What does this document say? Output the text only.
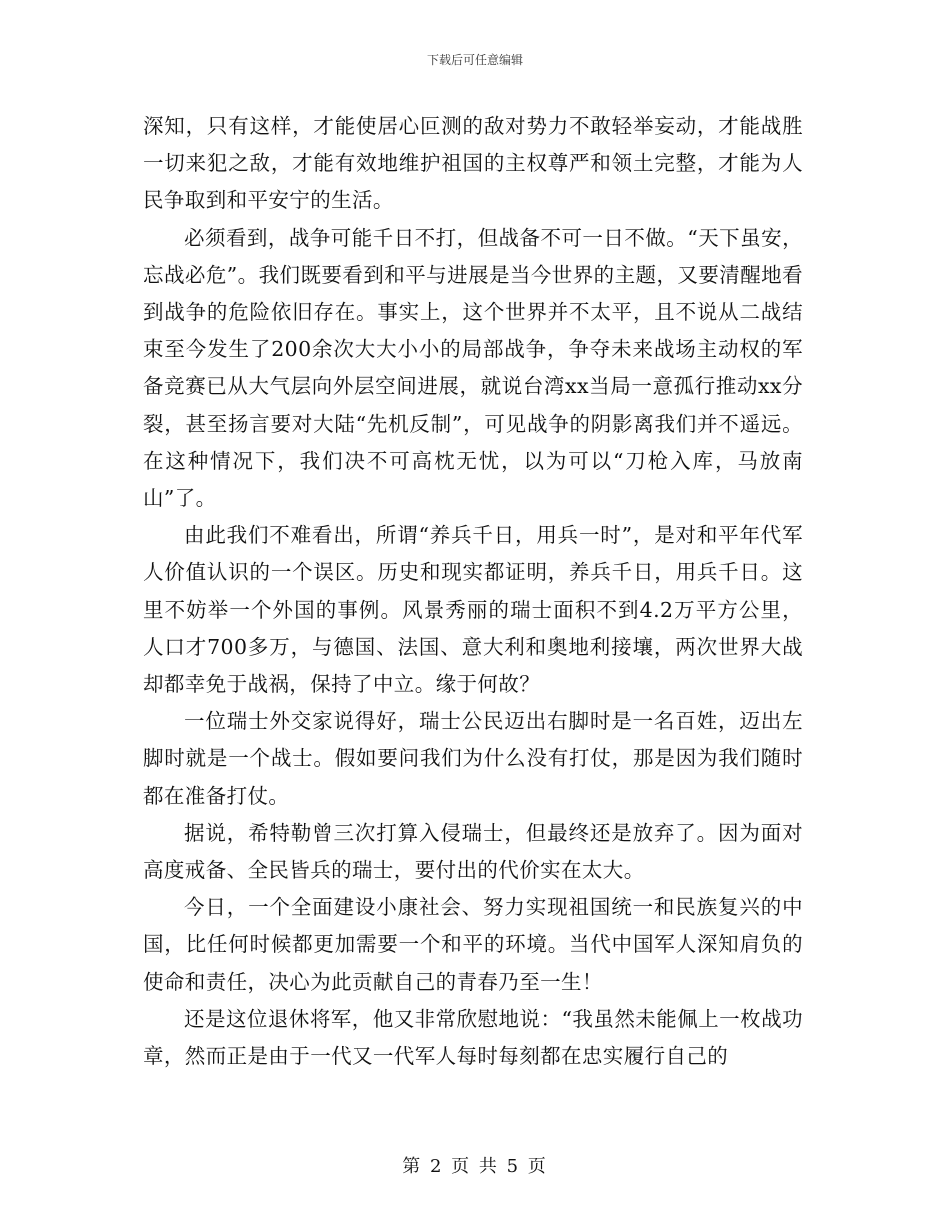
下载后可任意编辑

深知，只有这样，才能使居心叵测的敌对势力不敢轻举妄动，才能战胜一切来犯之敌，才能有效地维护祖国的主权尊严和领土完整，才能为人民争取到和平安宁的生活。

必须看到，战争可能千日不打，但战备不可一日不做。“天下虽安，忘战必危”。我们既要看到和平与进展是当今世界的主题，又要清醒地看到战争的危险依旧存在。事实上，这个世界并不太平，且不说从二战结束至今发生了200余次大大小小的局部战争，争夺未来战场主动权的军备竞赛已从大气层向外层空间进展，就说台湾xx当局一意孤行推动xx分裂，甚至扬言要对大陆“先机反制”，可见战争的阴影离我们并不遥远。在这种情况下，我们决不可高枕无忧，以为可以“刀枪入库，马放南山”了。

由此我们不难看出，所谓“养兵千日，用兵一时”，是对和平年代军人价值认识的一个误区。历史和现实都证明，养兵千日，用兵千日。这里不妨举一个外国的事例。风景秀丽的瑞士面积不到4.2万平方公里，人口才700多万，与德国、法国、意大利和奥地利接壤，两次世界大战却都幸免于战祸，保持了中立。缘于何故？

一位瑞士外交家说得好，瑞士公民迈出右脚时是一名百姓，迈出左脚时就是一个战士。假如要问我们为什么没有打仗，那是因为我们随时都在准备打仗。

据说，希特勒曾三次打算入侵瑞士，但最终还是放弃了。因为面对高度戒备、全民皆兵的瑞士，要付出的代价实在太大。

今日，一个全面建设小康社会、努力实现祖国统一和民族复兴的中国，比任何时候都更加需要一个和平的环境。当代中国军人深知肩负的使命和责任，决心为此贡献自己的青春乃至一生！

还是这位退休将军，他又非常欣慰地说：“我虽然未能佩上一枚战功章，然而正是由于一代又一代军人每时每刻都在忠实履行自己的

第 2 页 共 5 页
